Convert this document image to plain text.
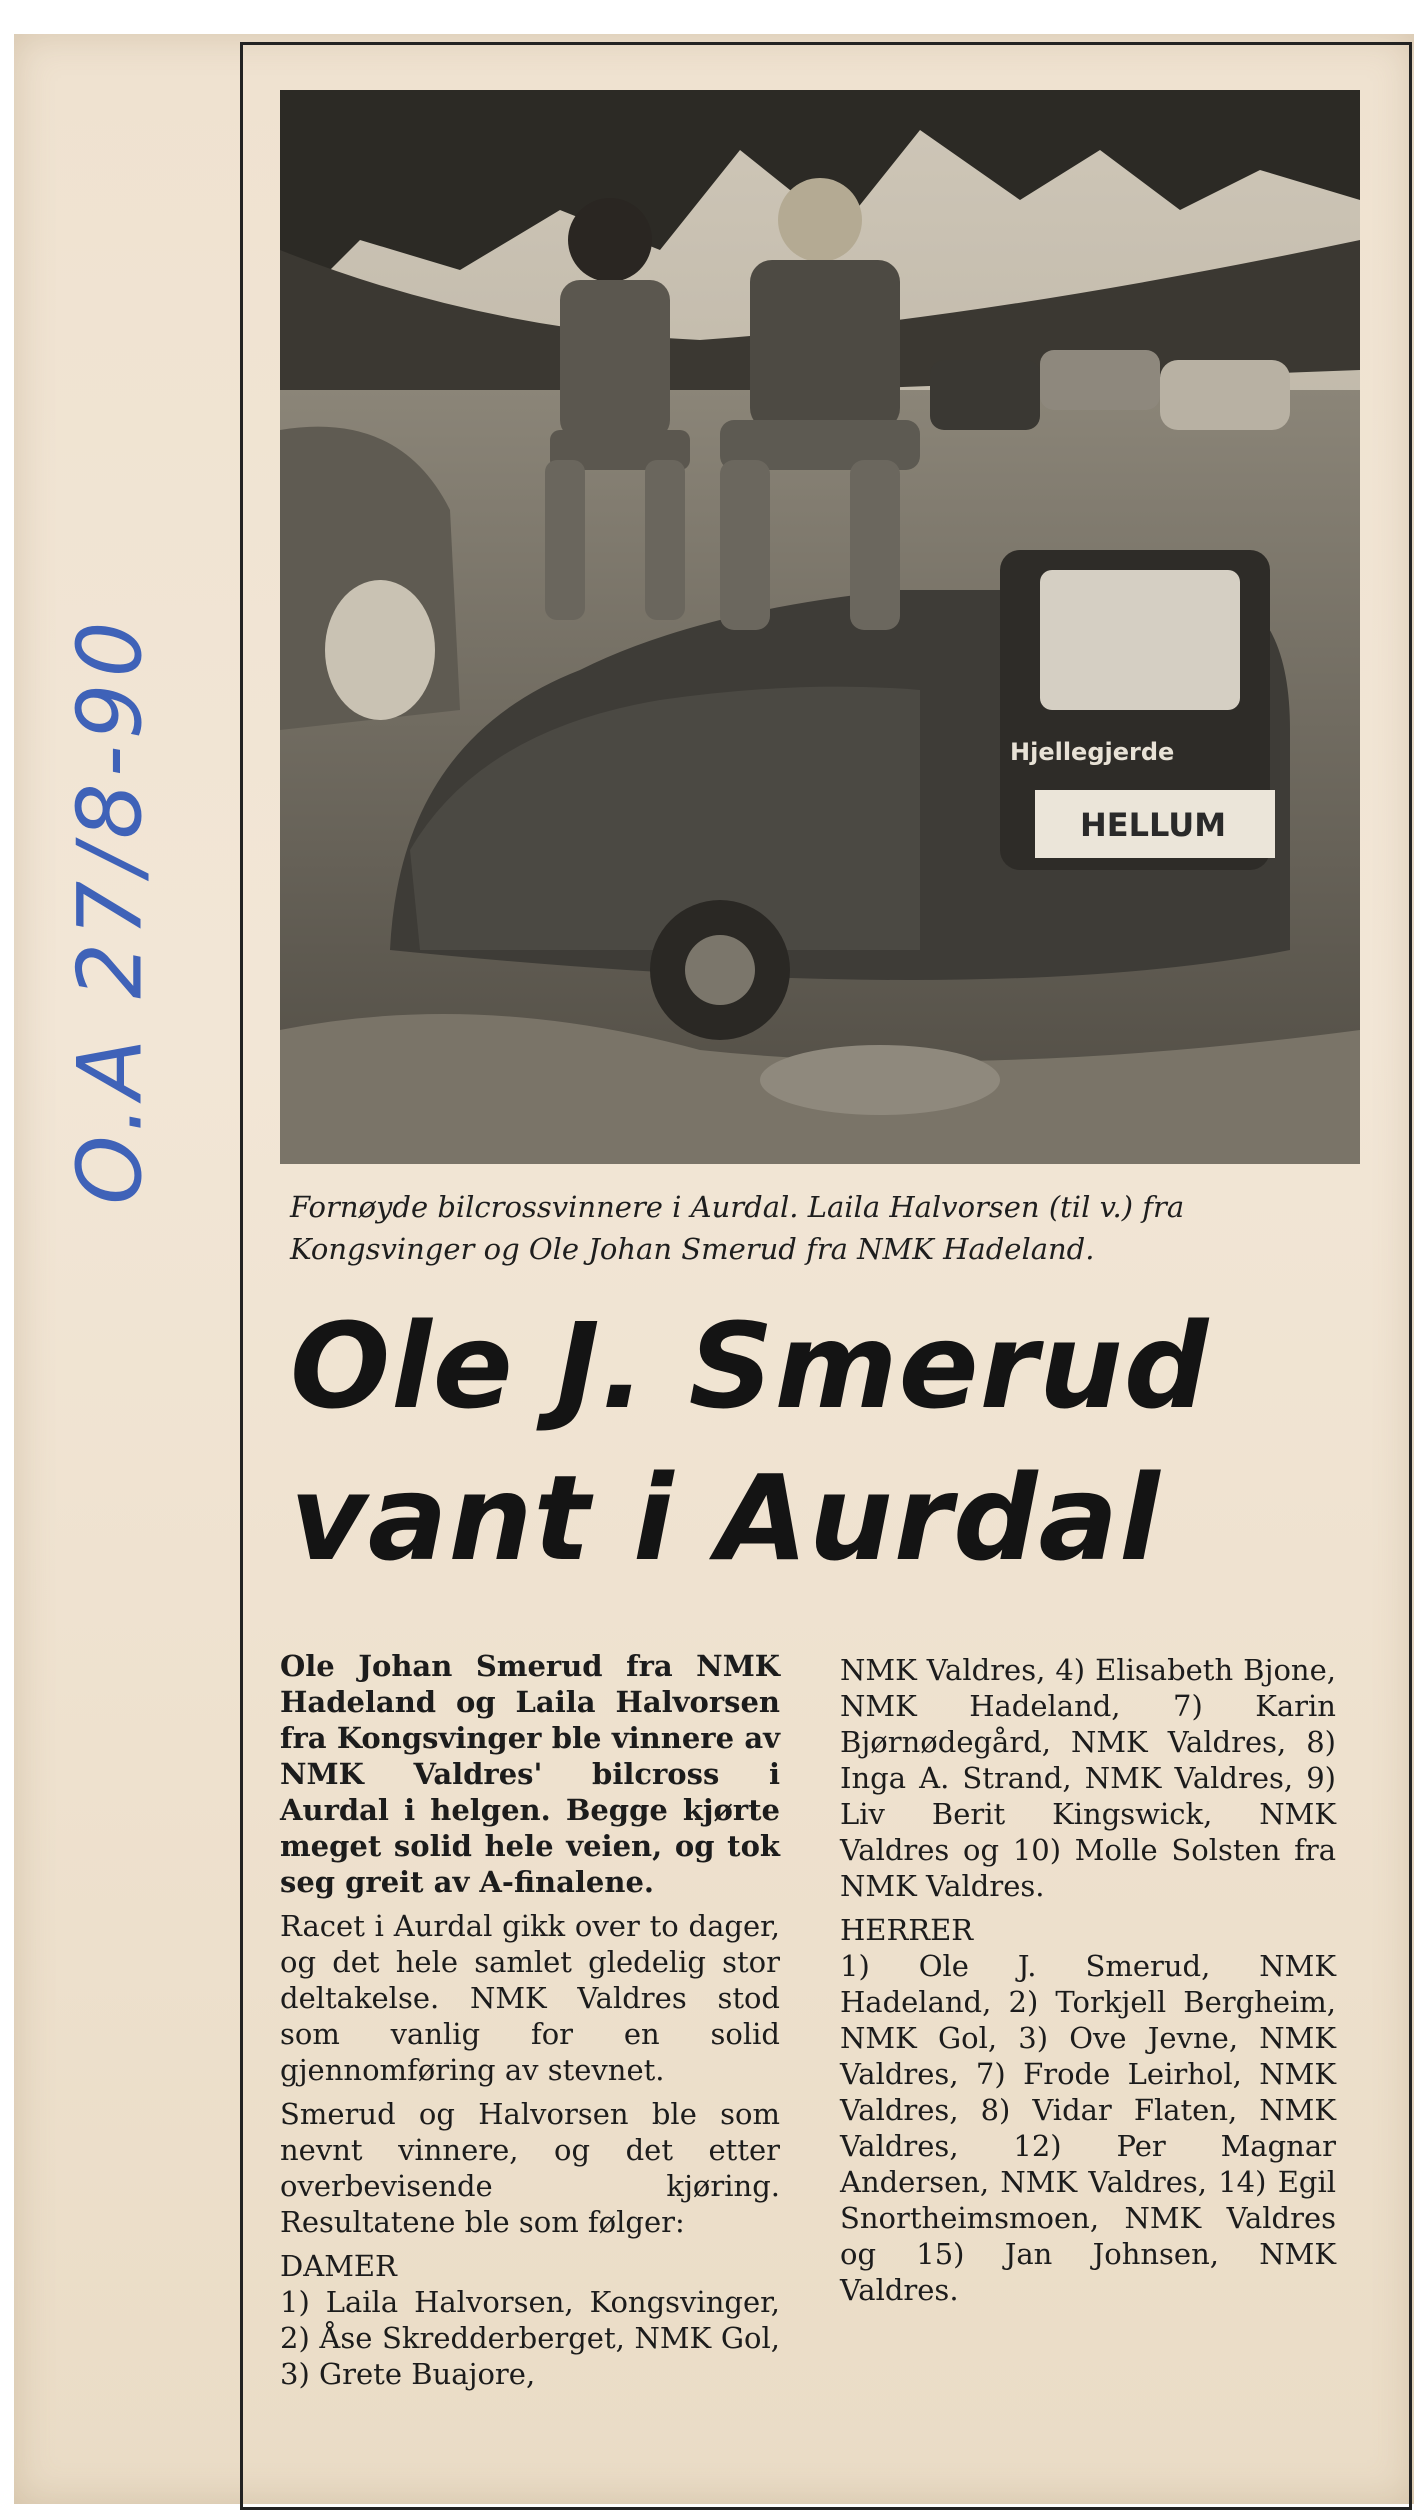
O.A 27/8-90	Hjellegjerde
HELLUM
Fornøyde bilcrossvinnere i Aurdal. Laila Halvorsen (til v.) fra Kongsvinger og Ole Johan Smerud fra NMK Hadeland.
Ole J. Smerud
vant i Aurdal

Ole Johan Smerud fra NMK Hadeland og Laila Halvorsen fra Kongsvinger ble vinnere av NMK Valdres' bilcross i Aurdal i helgen. Begge kjørte meget solid hele veien, og tok seg greit av A-finalene.

Racet i Aurdal gikk over to dager, og det hele samlet gledelig stor deltakelse. NMK Valdres stod som vanlig for en solid gjennomføring av stevnet.

Smerud og Halvorsen ble som nevnt vinnere, og det etter overbevisende kjøring. Resultatene ble som følger:

DAMER

1) Laila Halvorsen, Kongsvinger, 2) Åse Skredderberget, NMK Gol, 3) Grete Buajore,

NMK Valdres, 4) Elisabeth Bjone, NMK Hadeland, 7) Karin Bjørnødegård, NMK Valdres, 8) Inga A. Strand, NMK Valdres, 9) Liv Berit Kingswick, NMK Valdres og 10) Molle Solsten fra NMK Valdres.

HERRER

1) Ole J. Smerud, NMK Hadeland, 2) Torkjell Bergheim, NMK Gol, 3) Ove Jevne, NMK Valdres, 7) Frode Leirhol, NMK Valdres, 8) Vidar Flaten, NMK Valdres, 12) Per Magnar Andersen, NMK Valdres, 14) Egil Snortheimsmoen, NMK Valdres og 15) Jan Johnsen, NMK Valdres.
